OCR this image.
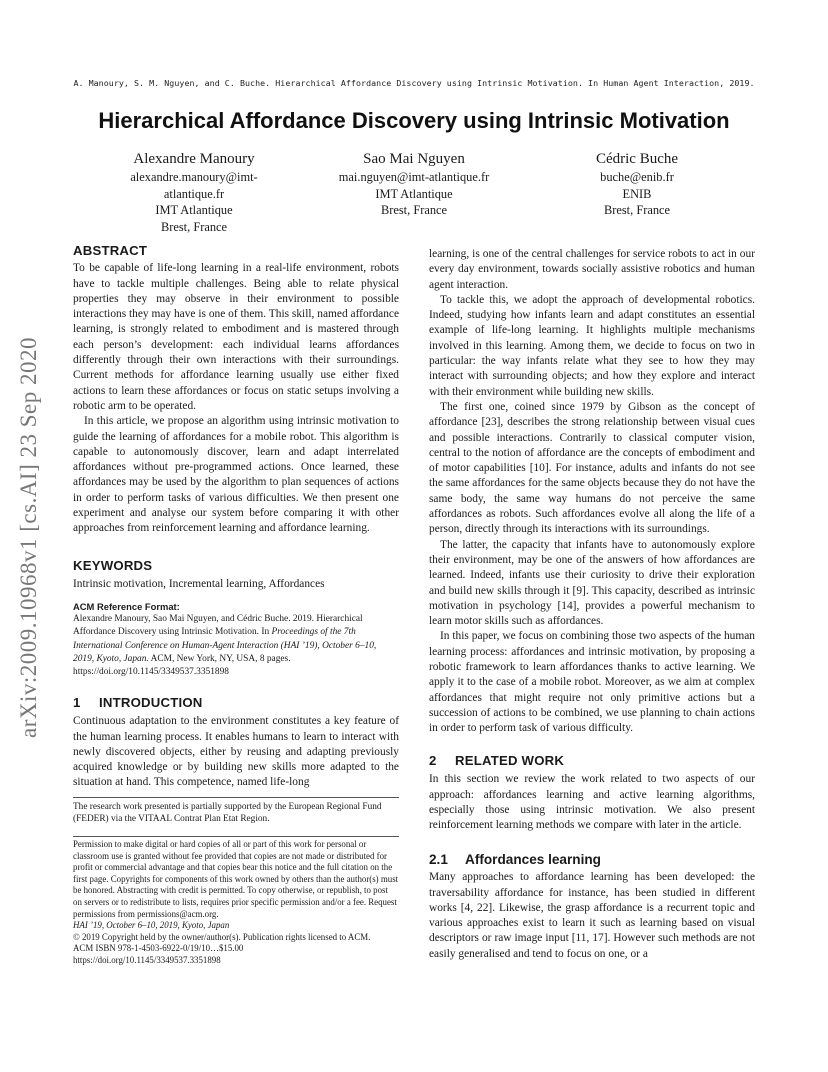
A. Manoury, S. M. Nguyen, and C. Buche. Hierarchical Affordance Discovery using Intrinsic Motivation. In Human Agent Interaction, 2019.
Hierarchical Affordance Discovery using Intrinsic Motivation
Alexandre Manoury
alexandre.manoury@imt-
atlantique.fr
IMT Atlantique
Brest, France
Sao Mai Nguyen
mai.nguyen@imt-atlantique.fr
IMT Atlantique
Brest, France
Cédric Buche
buche@enib.fr
ENIB
Brest, France
arXiv:2009.10968v1 [cs.AI] 23 Sep 2020
ABSTRACT

To be capable of life-long learning in a real-life environment, robots have to tackle multiple challenges. Being able to relate physical properties they may observe in their environment to possible interactions they may have is one of them. This skill, named affordance learning, is strongly related to embodiment and is mastered through each person’s development: each individual learns affordances differently through their own interactions with their surroundings. Current methods for affordance learning usually use either fixed actions to learn these affordances or focus on static setups involving a robotic arm to be operated.

In this article, we propose an algorithm using intrinsic motivation to guide the learning of affordances for a mobile robot. This algorithm is capable to autonomously discover, learn and adapt interrelated affordances without pre-programmed actions. Once learned, these affordances may be used by the algorithm to plan sequences of actions in order to perform tasks of various difficulties. We then present one experiment and analyse our system before comparing it with other approaches from reinforcement learning and affordance learning.

KEYWORDS

Intrinsic motivation, Incremental learning, Affordances

ACM Reference Format:

Alexandre Manoury, Sao Mai Nguyen, and Cédric Buche. 2019. Hierarchical Affordance Discovery using Intrinsic Motivation. In Proceedings of the 7th International Conference on Human-Agent Interaction (HAI ’19), October 6–10, 2019, Kyoto, Japan. ACM, New York, NY, USA, 8 pages. https://doi.org/10.1145/3349537.3351898

1 INTRODUCTION

Continuous adaptation to the environment constitutes a key feature of the human learning process. It enables humans to learn to interact with newly discovered objects, either by reusing and adapting previously acquired knowledge or by building new skills more adapted to the situation at hand. This competence, named life-long

The research work presented is partially supported by the European Regional Fund (FEDER) via the VITAAL Contrat Plan Etat Region.
Permission to make digital or hard copies of all or part of this work for personal or classroom use is granted without fee provided that copies are not made or distributed for profit or commercial advantage and that copies bear this notice and the full citation on the first page. Copyrights for components of this work owned by others than the author(s) must be honored. Abstracting with credit is permitted. To copy otherwise, or republish, to post on servers or to redistribute to lists, requires prior specific permission and/or a fee. Request permissions from permissions@acm.org.
HAI ’19, October 6–10, 2019, Kyoto, Japan
© 2019 Copyright held by the owner/author(s). Publication rights licensed to ACM.
ACM ISBN 978-1-4503-6922-0/19/10…$15.00
https://doi.org/10.1145/3349537.3351898

learning, is one of the central challenges for service robots to act in our every day environment, towards socially assistive robotics and human agent interaction.

To tackle this, we adopt the approach of developmental robotics. Indeed, studying how infants learn and adapt constitutes an essential example of life-long learning. It highlights multiple mechanisms involved in this learning. Among them, we decide to focus on two in particular: the way infants relate what they see to how they may interact with surrounding objects; and how they explore and interact with their environment while building new skills.

The first one, coined since 1979 by Gibson as the concept of affordance [23], describes the strong relationship between visual cues and possible interactions. Contrarily to classical computer vision, central to the notion of affordance are the concepts of embodiment and of motor capabilities [10]. For instance, adults and infants do not see the same affordances for the same objects because they do not have the same body, the same way humans do not perceive the same affordances as robots. Such affordances evolve all along the life of a person, directly through its interactions with its surroundings.

The latter, the capacity that infants have to autonomously explore their environment, may be one of the answers of how affordances are learned. Indeed, infants use their curiosity to drive their exploration and build new skills through it [9]. This capacity, described as intrinsic motivation in psychology [14], provides a powerful mechanism to learn motor skills such as affordances.

In this paper, we focus on combining those two aspects of the human learning process: affordances and intrinsic motivation, by proposing a robotic framework to learn affordances thanks to active learning. We apply it to the case of a mobile robot. Moreover, as we aim at complex affordances that might require not only primitive actions but a succession of actions to be combined, we use planning to chain actions in order to perform task of various difficulty.

2 RELATED WORK

In this section we review the work related to two aspects of our approach: affordances learning and active learning algorithms, especially those using intrinsic motivation. We also present reinforcement learning methods we compare with later in the article.

2.1 Affordances learning

Many approaches to affordance learning has been developed: the traversability affordance for instance, has been studied in different works [4, 22]. Likewise, the grasp affordance is a recurrent topic and various approaches exist to learn it such as learning based on visual descriptors or raw image input [11, 17]. However such methods are not easily generalised and tend to focus on one, or a
